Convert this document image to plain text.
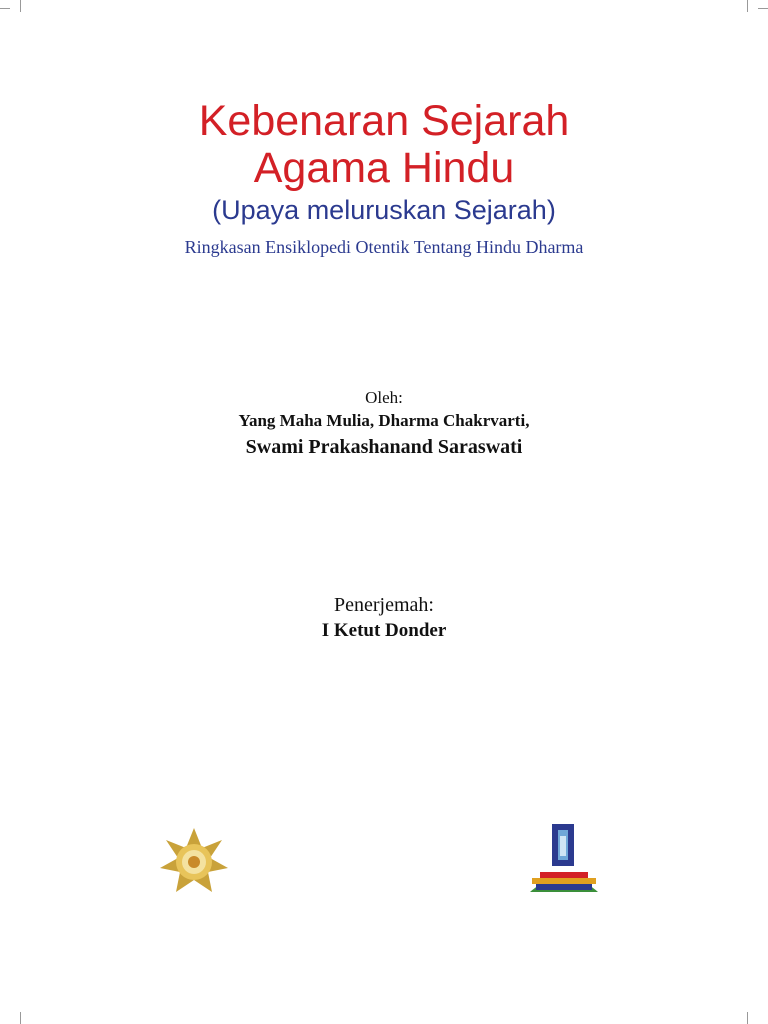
Kebenaran Sejarah
Agama Hindu
(Upaya meluruskan Sejarah)
Ringkasan Ensiklopedi Otentik Tentang Hindu Dharma
Oleh:
Yang Maha Mulia, Dharma Chakrvarti,
Swami Prakashanand Saraswati
Penerjemah:
I Ketut Donder
